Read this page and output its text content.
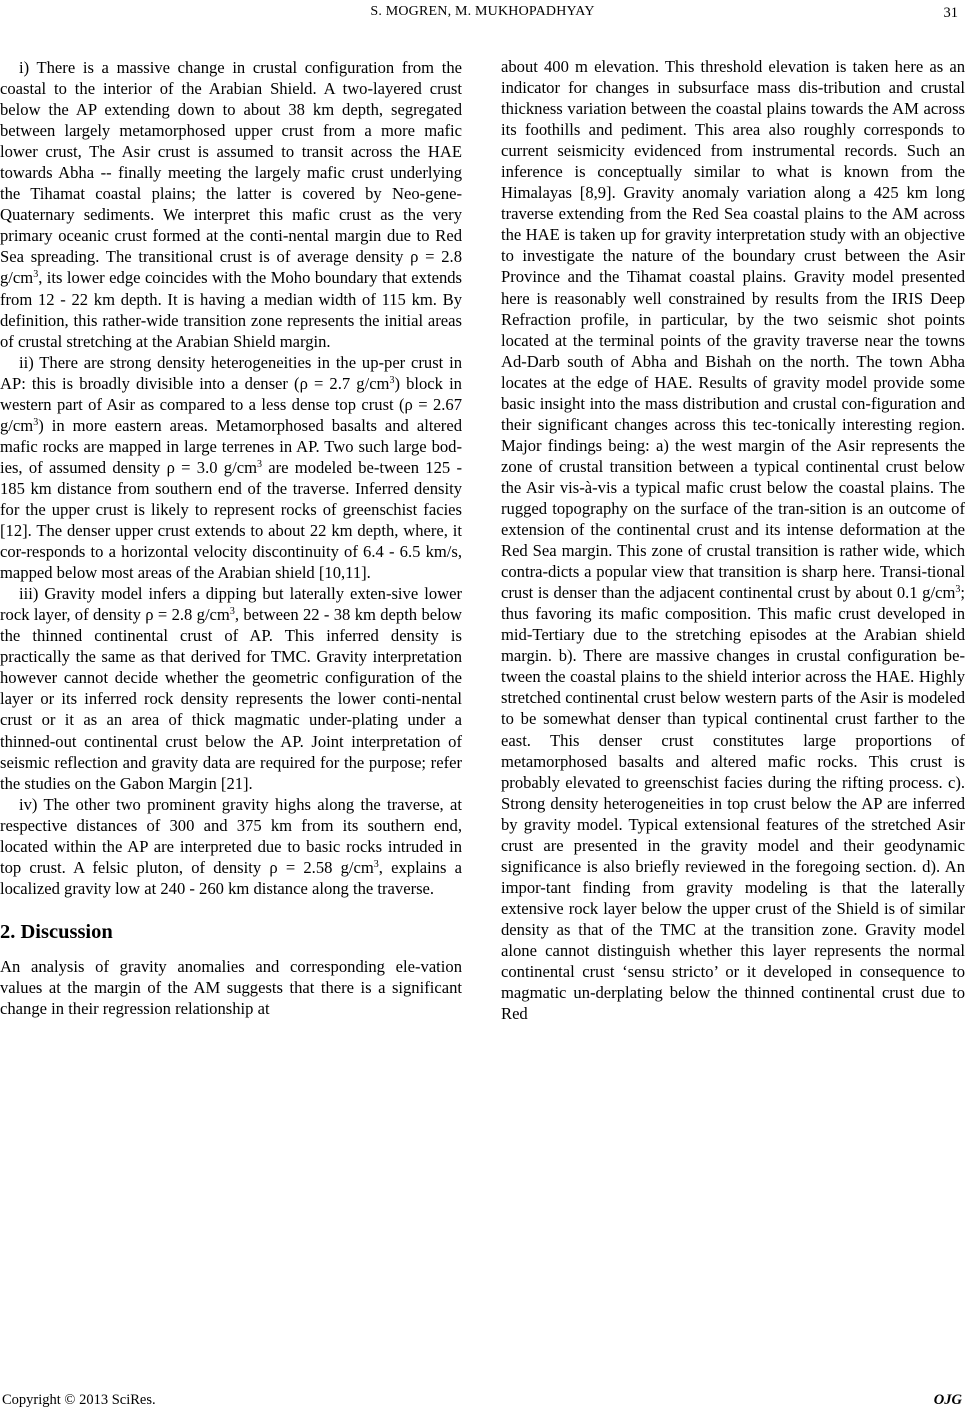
S. MOGREN, M. MUKHOPADHYAY	31

i) There is a massive change in crustal configuration from the coastal to the interior of the Arabian Shield. A two-layered crust below the AP extending down to about 38 km depth, segregated between largely metamorphosed upper crust from a more mafic lower crust, The Asir crust is assumed to transit across the HAE towards Abha -- finally meeting the largely mafic crust underlying the Tihamat coastal plains; the latter is covered by Neo-gene-Quaternary sediments. We interpret this mafic crust as the very primary oceanic crust formed at the conti-nental margin due to Red Sea spreading. The transitional crust is of average density ρ = 2.8 $g/cm^3$, its lower edge coincides with the Moho boundary that extends from 12 - 22 km depth. It is having a median width of 115 km. By definition, this rather-wide transition zone represents the initial areas of crustal stretching at the Arabian Shield margin.

ii) There are strong density heterogeneities in the up-per crust in AP: this is broadly divisible into a denser (ρ = 2.7 $g/cm^3$) block in western part of Asir as compared to a less dense top crust (ρ = 2.67 $g/cm^3$) in more eastern areas. Metamorphosed basalts and altered mafic rocks are mapped in large terrenes in AP. Two such large bod-ies, of assumed density ρ = 3.0 $g/cm^3$ are modeled be-tween 125 - 185 km distance from southern end of the traverse. Inferred density for the upper crust is likely to represent rocks of greenschist facies [12]. The denser upper crust extends to about 22 km depth, where, it cor-responds to a horizontal velocity discontinuity of 6.4 - 6.5 km/s, mapped below most areas of the Arabian shield [10,11].

iii) Gravity model infers a dipping but laterally exten-sive lower rock layer, of density ρ = 2.8 $g/cm^3$, between 22 - 38 km depth below the thinned continental crust of AP. This inferred density is practically the same as that derived for TMC. Gravity interpretation however cannot decide whether the geometric configuration of the layer or its inferred rock density represents the lower conti-nental crust or it as an area of thick magmatic under-plating under a thinned-out continental crust below the AP. Joint interpretation of seismic reflection and gravity data are required for the purpose; refer the studies on the Gabon Margin [21].

iv) The other two prominent gravity highs along the traverse, at respective distances of 300 and 375 km from its southern end, located within the AP are interpreted due to basic rocks intruded in top crust. A felsic pluton, of density ρ = 2.58 $g/cm^3$, explains a localized gravity low at 240 - 260 km distance along the traverse.

2. Discussion

An analysis of gravity anomalies and corresponding ele-vation values at the margin of the AM suggests that there is a significant change in their regression relationship at

about 400 m elevation. This threshold elevation is taken here as an indicator for changes in subsurface mass dis-tribution and crustal thickness variation between the coastal plains towards the AM across its foothills and pediment. This area also roughly corresponds to current seismicity evidenced from instrumental records. Such an inference is conceptually similar to what is known from the Himalayas [8,9]. Gravity anomaly variation along a 425 km long traverse extending from the Red Sea coastal plains to the AM across the HAE is taken up for gravity interpretation study with an objective to investigate the nature of the boundary crust between the Asir Province and the Tihamat coastal plains. Gravity model presented here is reasonably well constrained by results from the IRIS Deep Refraction profile, in particular, by the two seismic shot points located at the terminal points of the gravity traverse near the towns Ad-Darb south of Abha and Bishah on the north. The town Abha locates at the edge of HAE. Results of gravity model provide some basic insight into the mass distribution and crustal con-figuration and their significant changes across this tec-tonically interesting region. Major findings being: a) the west margin of the Asir represents the zone of crustal transition between a typical continental crust below the Asir vis-à-vis a typical mafic crust below the coastal plains. The rugged topography on the surface of the tran-sition is an outcome of extension of the continental crust and its intense deformation at the Red Sea margin. This zone of crustal transition is rather wide, which contra-dicts a popular view that transition is sharp here. Transi-tional crust is denser than the adjacent continental crust by about 0.1 $g/cm^3$; thus favoring its mafic composition. This mafic crust developed in mid-Tertiary due to the stretching episodes at the Arabian shield margin. b). There are massive changes in crustal configuration be-tween the coastal plains to the shield interior across the HAE. Highly stretched continental crust below western parts of the Asir is modeled to be somewhat denser than typical continental crust farther to the east. This denser crust constitutes large proportions of metamorphosed basalts and altered mafic rocks. This crust is probably elevated to greenschist facies during the rifting process. c). Strong density heterogeneities in top crust below the AP are inferred by gravity model. Typical extensional features of the stretched Asir crust are presented in the gravity model and their geodynamic significance is also briefly reviewed in the foregoing section. d). An impor-tant finding from gravity modeling is that the laterally extensive rock layer below the upper crust of the Shield is of similar density as that of the TMC at the transition zone. Gravity model alone cannot distinguish whether this layer represents the normal continental crust ‘sensu stricto’ or it developed in consequence to magmatic un-derplating below the thinned continental crust due to Red

Copyright © 2013 SciRes.	OJG
